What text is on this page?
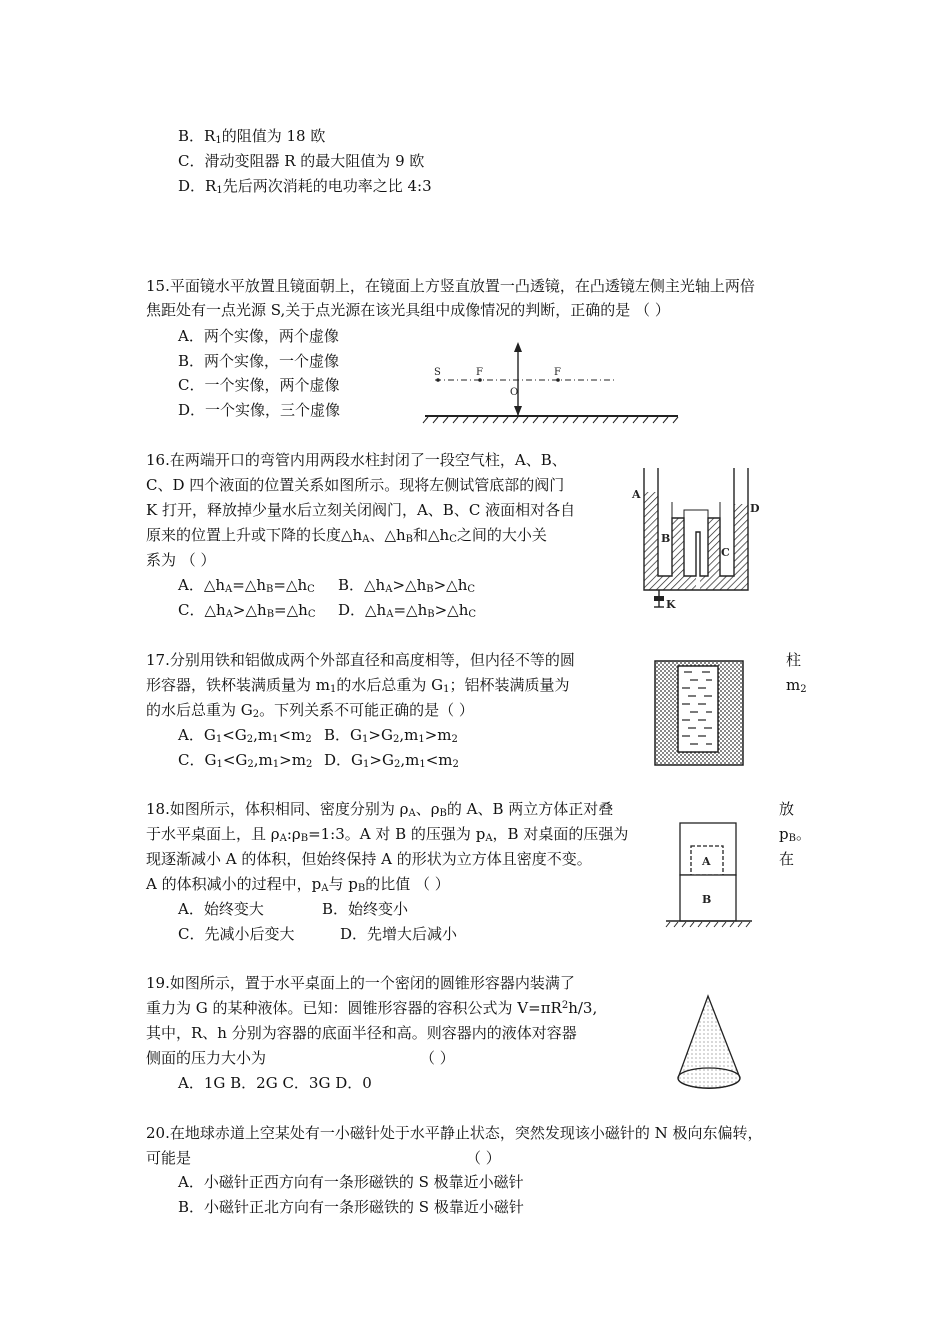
B．$R_1$的阻值为 18 欧
C．滑动变阻器 R 的最大阻值为 9 欧
D．$R_1$先后两次消耗的电功率之比 4:3
15.平面镜水平放置且镜面朝上，在镜面上方竖直放置一凸透镜，在凸透镜左侧主光轴上两倍
焦距处有一点光源 S,关于点光源在该光具组中成像情况的判断，正确的是 （ ）
A．两个实像，两个虚像
B．两个实像，一个虚像
C．一个实像，两个虚像
D．一个实像，三个虚像
S	F
O
F
16.在两端开口的弯管内用两段水柱封闭了一段空气柱，A、B、
C、D 四个液面的位置关系如图所示。现将左侧试管底部的阀门
K 打开，释放掉少量水后立刻关闭阀门，A、B、C 液面相对各自
原来的位置上升或下降的长度$\triangle h_A$、$\triangle h_B$和$\triangle h_C$之间的大小关
系为 （ ）
A．$\triangle h_A=\triangle h_B=\triangle h_C$ B．$\triangle h_A>\triangle h_B>\triangle h_C$
C．$\triangle h_A>\triangle h_B=\triangle h_C$ D．$\triangle h_A=\triangle h_B>\triangle h_C$
A
B
C
D
K
17.分别用铁和铝做成两个外部直径和高度相等，但内径不等的圆	柱
形容器，铁杯装满质量为 $m_1$的水后总重为 $G_1$；铝杯装满质量为	$m_2$
的水后总重为 $G_2$。下列关系不可能正确的是（ ）
A．$G_1<G_2,m_1<m_2$ B．$G_1>G_2,m_1>m_2$
C．$G_1<G_2,m_1>m_2$ D．$G_1>G_2,m_1<m_2$
18.如图所示，体积相同、密度分别为 $\rho_A$、$\rho_B$的 A、B 两立方体正对叠	放
于水平桌面上，且 $\rho_A:\rho_B=1:3$。A 对 B 的压强为 $p_A$，B 对桌面的压强为	$p_B$。
现逐渐减小 A 的体积，但始终保持 A 的形状为立方体且密度不变。	在
A 的体积减小的过程中，$p_A$与 $p_B$的比值 （ ）
A．始终变大	B．始终变小
C．先减小后变大	D．先增大后减小
A
B
19.如图所示，置于水平桌面上的一个密闭的圆锥形容器内装满了
重力为 G 的某种液体。已知：圆锥形容器的容积公式为 $V=\pi R^2h/3$,
其中，R、h 分别为容器的底面半径和高。则容器内的液体对容器
侧面的压力大小为	（ ）
A．1G B．2G C．3G D．0
20.在地球赤道上空某处有一小磁针处于水平静止状态，突然发现该小磁针的 N 极向东偏转，
可能是	（ ）
A．小磁针正西方向有一条形磁铁的 S 极靠近小磁针
B．小磁针正北方向有一条形磁铁的 S 极靠近小磁针
